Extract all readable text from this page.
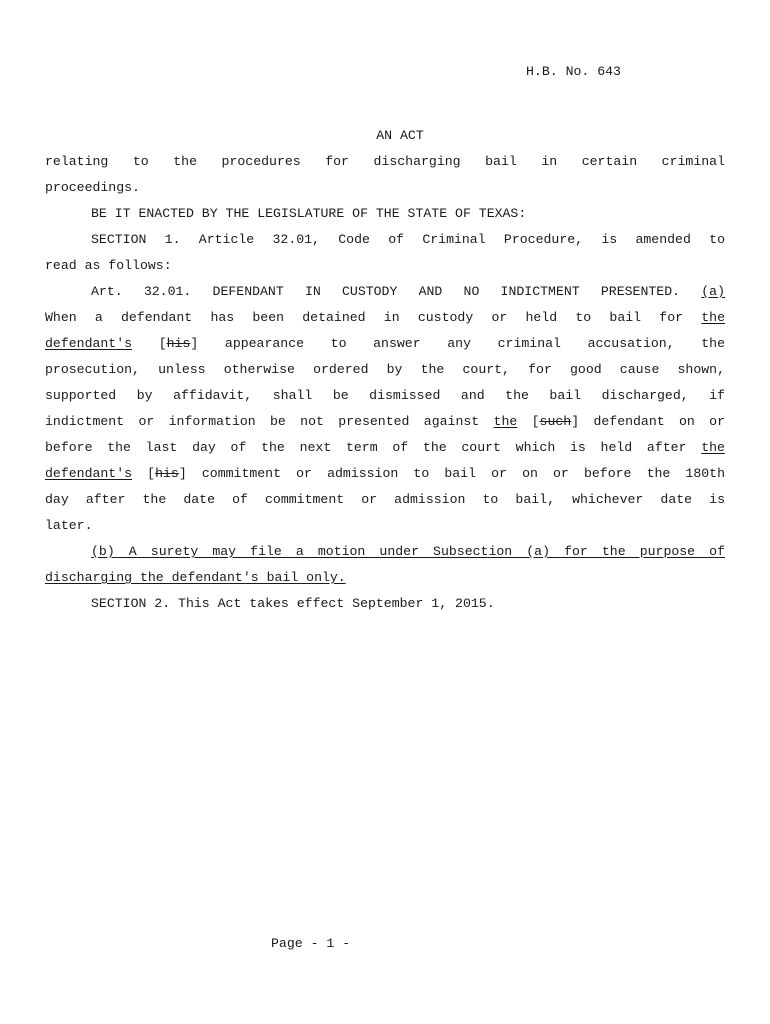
H.B. No. 643
AN ACT
relating to the procedures for discharging bail in certain criminal
proceedings.
BE IT ENACTED BY THE LEGISLATURE OF THE STATE OF TEXAS:
SECTION 1. Article 32.01, Code of Criminal Procedure, is amended to
read as follows:
Art. 32.01. DEFENDANT IN CUSTODY AND NO INDICTMENT PRESENTED. (a)
When a defendant has been detained in custody or held to bail for the
defendant's [his] appearance to answer any criminal accusation, the
prosecution, unless otherwise ordered by the court, for good cause shown,
supported by affidavit, shall be dismissed and the bail discharged, if
indictment or information be not presented against the [such] defendant on or
before the last day of the next term of the court which is held after the
defendant's [his] commitment or admission to bail or on or before the 180th
day after the date of commitment or admission to bail, whichever date is
later.
(b) A surety may file a motion under Subsection (a) for the purpose of
discharging the defendant's bail only.
SECTION 2. This Act takes effect September 1, 2015.
Page - 1 -
